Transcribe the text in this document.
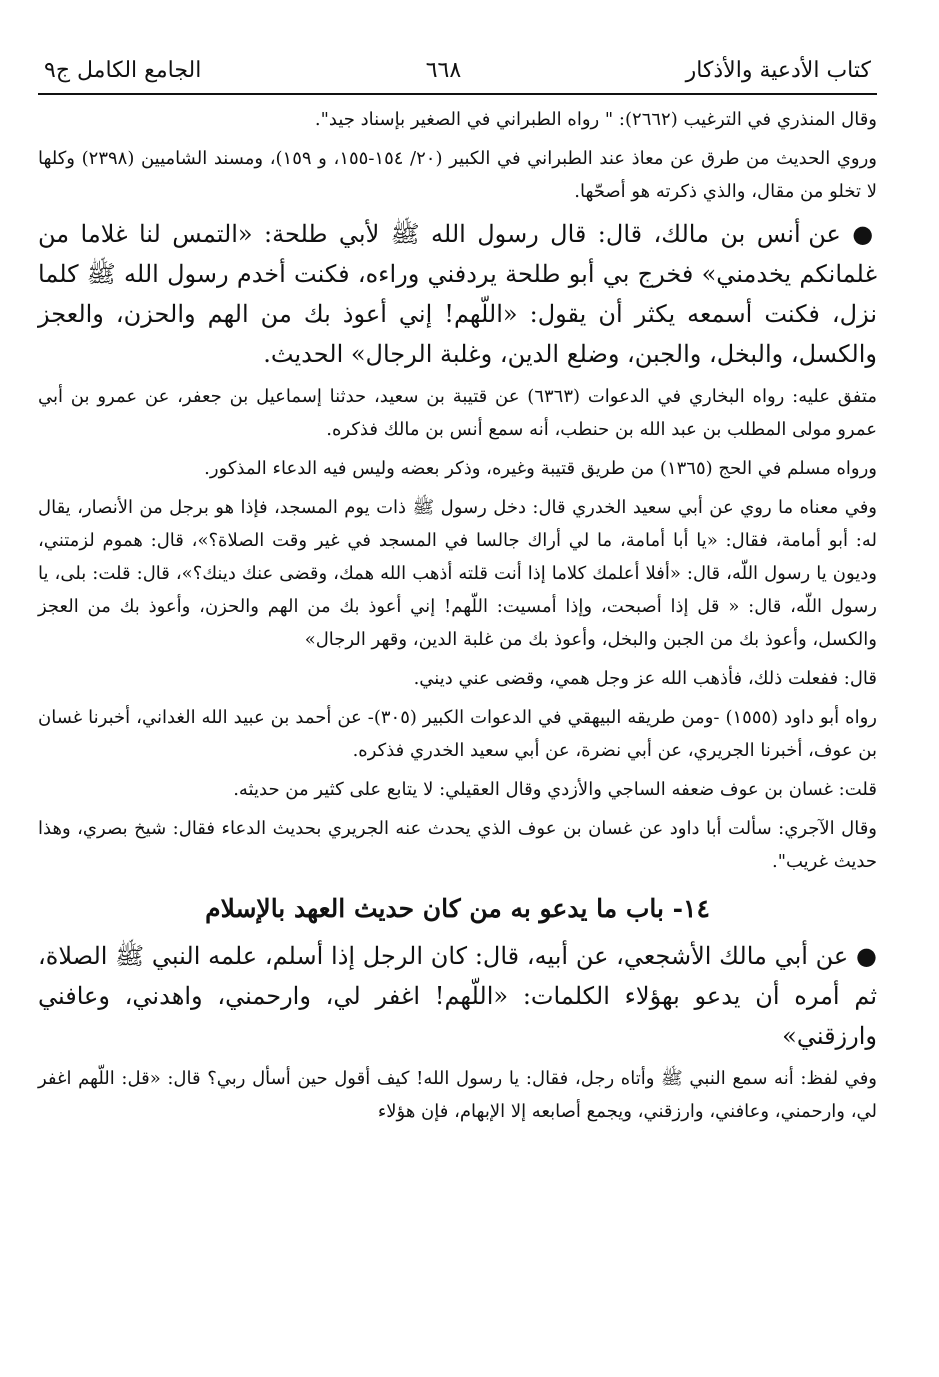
كتاب الأدعية والأذكار
٦٦٨
الجامع الكامل ج٩

وقال المنذري في الترغيب (٢٦٦٢): " رواه الطبراني في الصغير بإسناد جيد".

وروي الحديث من طرق عن معاذ عند الطبراني في الكبير (٢٠/ ١٥٤-١٥٥، و ١٥٩)، ومسند الشاميين (٢٣٩٨) وكلها لا تخلو من مقال، والذي ذكرته هو أصحّها.

● عن أنس بن مالك، قال: قال رسول الله ﷺ لأبي طلحة: «التمس لنا غلاما من غلمانكم يخدمني» فخرج بي أبو طلحة يردفني وراءه، فكنت أخدم رسول الله ﷺ كلما نزل، فكنت أسمعه يكثر أن يقول: «اللّهم! إني أعوذ بك من الهم والحزن، والعجز والكسل، والبخل، والجبن، وضلع الدين، وغلبة الرجال» الحديث.

متفق عليه: رواه البخاري في الدعوات (٦٣٦٣) عن قتيبة بن سعيد، حدثنا إسماعيل بن جعفر، عن عمرو بن أبي عمرو مولى المطلب بن عبد الله بن حنطب، أنه سمع أنس بن مالك فذكره.

ورواه مسلم في الحج (١٣٦٥) من طريق قتيبة وغيره، وذكر بعضه وليس فيه الدعاء المذكور.

وفي معناه ما روي عن أبي سعيد الخدري قال: دخل رسول ﷺ ذات يوم المسجد، فإذا هو برجل من الأنصار، يقال له: أبو أمامة، فقال: «يا أبا أمامة، ما لي أراك جالسا في المسجد في غير وقت الصلاة؟»، قال: هموم لزمتني، وديون يا رسول اللّه، قال: «أفلا أعلمك كلاما إذا أنت قلته أذهب الله همك، وقضى عنك دينك؟»، قال: قلت: بلى، يا رسول اللّه، قال: « قل إذا أصبحت، وإذا أمسيت: اللّهم! إني أعوذ بك من الهم والحزن، وأعوذ بك من العجز والكسل، وأعوذ بك من الجبن والبخل، وأعوذ بك من غلبة الدين، وقهر الرجال»

قال: ففعلت ذلك، فأذهب الله عز وجل همي، وقضى عني ديني.

رواه أبو داود (١٥٥٥) -ومن طريقه البيهقي في الدعوات الكبير (٣٠٥)- عن أحمد بن عبيد الله الغداني، أخبرنا غسان بن عوف، أخبرنا الجريري، عن أبي نضرة، عن أبي سعيد الخدري فذكره.

قلت: غسان بن عوف ضعفه الساجي والأزدي وقال العقيلي: لا يتابع على كثير من حديثه.

وقال الآجري: سألت أبا داود عن غسان بن عوف الذي يحدث عنه الجريري بحديث الدعاء فقال: شيخ بصري، وهذا حديث غريب".

١٤- باب ما يدعو به من كان حديث العهد بالإسلام

● عن أبي مالك الأشجعي، عن أبيه، قال: كان الرجل إذا أسلم، علمه النبي ﷺ الصلاة، ثم أمره أن يدعو بهؤلاء الكلمات: «اللّهم! اغفر لي، وارحمني، واهدني، وعافني وارزقني»

وفي لفظ: أنه سمع النبي ﷺ وأتاه رجل، فقال: يا رسول الله! كيف أقول حين أسأل ربي؟ قال: «قل: اللّهم اغفر لي، وارحمني، وعافني، وارزقني، ويجمع أصابعه إلا الإبهام، فإن هؤلاء
